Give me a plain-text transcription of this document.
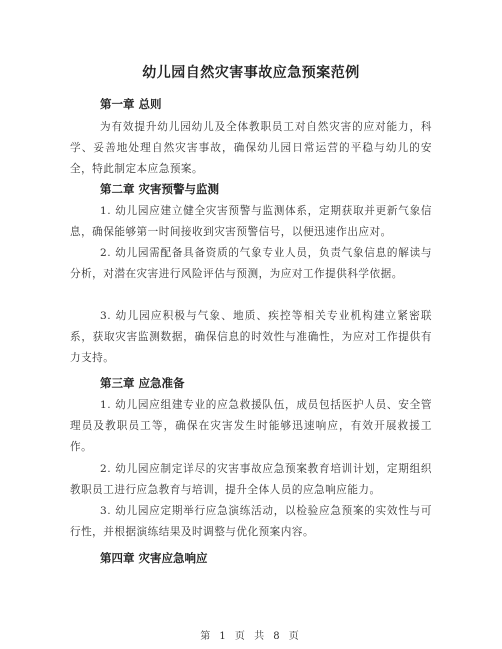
幼儿园自然灾害事故应急预案范例
第一章 总则
为有效提升幼儿园幼儿及全体教职员工对自然灾害的应对能力，科学、妥善地处理自然灾害事故，确保幼儿园日常运营的平稳与幼儿的安全，特此制定本应急预案。
第二章 灾害预警与监测
1. 幼儿园应建立健全灾害预警与监测体系，定期获取并更新气象信息，确保能够第一时间接收到灾害预警信号，以便迅速作出应对。
2. 幼儿园需配备具备资质的气象专业人员，负责气象信息的解读与分析，对潜在灾害进行风险评估与预测，为应对工作提供科学依据。
3. 幼儿园应积极与气象、地质、疾控等相关专业机构建立紧密联系，获取灾害监测数据，确保信息的时效性与准确性，为应对工作提供有力支持。
第三章 应急准备
1. 幼儿园应组建专业的应急救援队伍，成员包括医护人员、安全管理员及教职员工等，确保在灾害发生时能够迅速响应，有效开展救援工作。
2. 幼儿园应制定详尽的灾害事故应急预案教育培训计划，定期组织教职员工进行应急教育与培训，提升全体人员的应急响应能力。
3. 幼儿园应定期举行应急演练活动，以检验应急预案的实效性与可行性，并根据演练结果及时调整与优化预案内容。
第四章 灾害应急响应
第 1 页 共 8 页
